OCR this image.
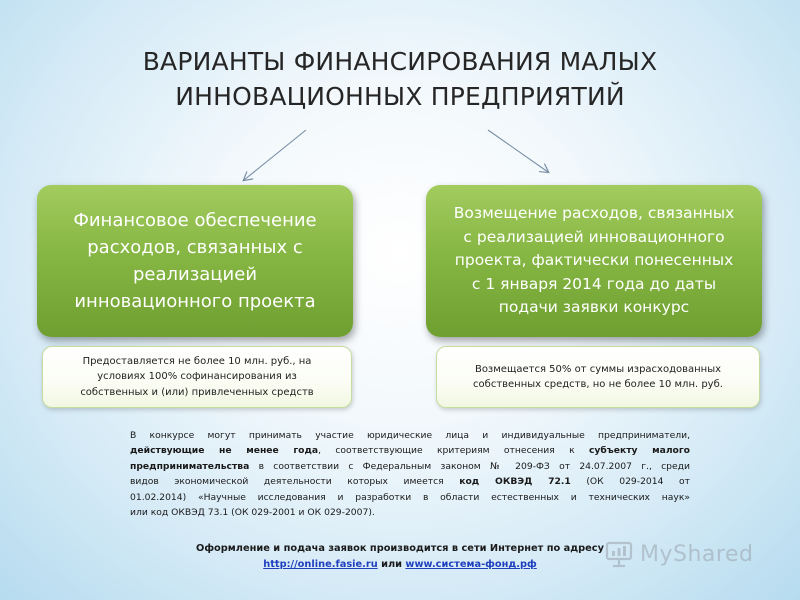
ВАРИАНТЫ ФИНАНСИРОВАНИЯ МАЛЫХ
ИННОВАЦИОННЫХ ПРЕДПРИЯТИЙ
Финансовое обеспечение
расходов, связанных с
реализацией
инновационного проекта
Возмещение расходов, связанных
с реализацией инновационного
проекта, фактически понесенных
с 1 января 2014 года до даты
подачи заявки конкурс
Предоставляется не более 10 млн. руб., на
условиях 100% софинансирования из
собственных и (или) привлеченных средств
Возмещается 50% от суммы израсходованных
собственных средств, но не более 10 млн. руб.
В конкурсе могут принимать участие юридические лица и индивидуальные предприниматели,
действующие не менее года, соответствующие критериям отнесения к субъекту малого
предпринимательства в соответствии с Федеральным законом № 209-ФЗ от 24.07.2007 г., среди
видов экономической деятельности которых имеется код ОКВЭД 72.1 (ОК 029-2014 от
01.02.2014) «Научные исследования и разработки в области естественных и технических наук»
или код ОКВЭД 73.1 (ОК 029-2001 и ОК 029-2007).
Оформление и подача заявок производится в сети Интернет по адресу
http://online.fasie.ru или www.система-фонд.рф	MyShared
